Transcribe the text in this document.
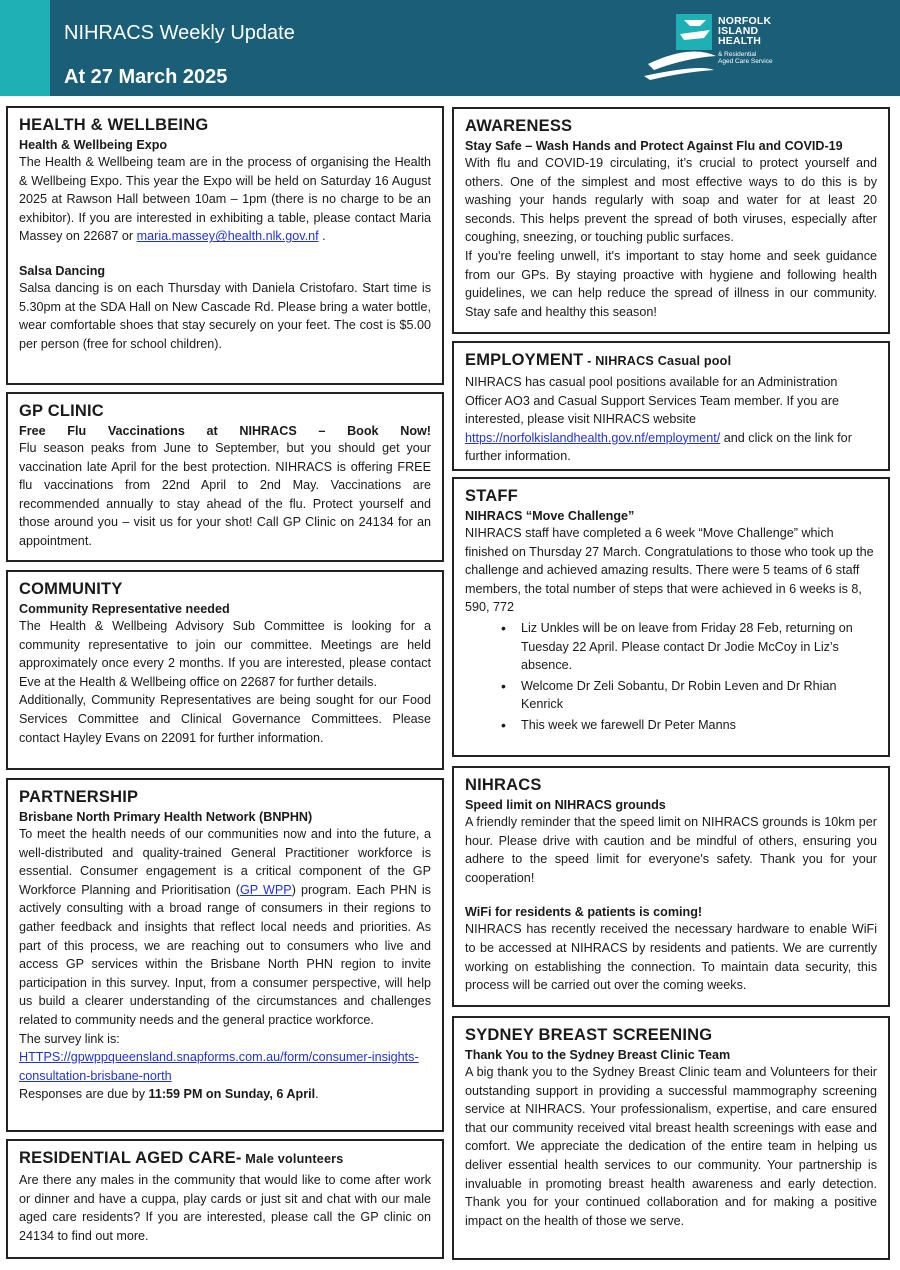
NIHRACS Weekly Update
At 27 March 2025
NORFOLK
ISLAND
HEALTH
& Residential
Aged Care Service
HEALTH & WELLBEING
Health & Wellbeing Expo

The Health & Wellbeing team are in the process of organising the Health & Wellbeing Expo. This year the Expo will be held on Saturday 16 August 2025 at Rawson Hall between 10am – 1pm (there is no charge to be an exhibitor). If you are interested in exhibiting a table, please contact Maria Massey on 22687 or maria.massey@health.nlk.gov.nf .

Salsa Dancing

Salsa dancing is on each Thursday with Daniela Cristofaro. Start time is 5.30pm at the SDA Hall on New Cascade Rd. Please bring a water bottle, wear comfortable shoes that stay securely on your feet. The cost is $5.00 per person (free for school children).

GP CLINIC
Free Flu Vaccinations at NIHRACS – Book Now!

Flu season peaks from June to September, but you should get your vaccination late April for the best protection. NIHRACS is offering FREE flu vaccinations from 22nd April to 2nd May. Vaccinations are recommended annually to stay ahead of the flu. Protect yourself and those around you – visit us for your shot! Call GP Clinic on 24134 for an appointment.

COMMUNITY
Community Representative needed

The Health & Wellbeing Advisory Sub Committee is looking for a community representative to join our committee. Meetings are held approximately once every 2 months. If you are interested, please contact Eve at the Health & Wellbeing office on 22687 for further details.

Additionally, Community Representatives are being sought for our Food Services Committee and Clinical Governance Committees. Please contact Hayley Evans on 22091 for further information.

PARTNERSHIP
Brisbane North Primary Health Network (BNPHN)

To meet the health needs of our communities now and into the future, a well-distributed and quality-trained General Practitioner workforce is essential. Consumer engagement is a critical component of the GP Workforce Planning and Prioritisation (GP WPP) program. Each PHN is actively consulting with a broad range of consumers in their regions to gather feedback and insights that reflect local needs and priorities. As part of this process, we are reaching out to consumers who live and access GP services within the Brisbane North PHN region to invite participation in this survey. Input, from a consumer perspective, will help us build a clearer understanding of the circumstances and challenges related to community needs and the general practice workforce.

The survey link is:

HTTPS://gpwppqueensland.snapforms.com.au/form/consumer-insights-consultation-brisbane-north

Responses are due by 11:59 PM on Sunday, 6 April.

RESIDENTIAL AGED CARE- Male volunteers

Are there any males in the community that would like to come after work or dinner and have a cuppa, play cards or just sit and chat with our male aged care residents? If you are interested, please call the GP clinic on 24134 to find out more.

AWARENESS
Stay Safe – Wash Hands and Protect Against Flu and COVID-19

With flu and COVID-19 circulating, it’s crucial to protect yourself and others. One of the simplest and most effective ways to do this is by washing your hands regularly with soap and water for at least 20 seconds. This helps prevent the spread of both viruses, especially after coughing, sneezing, or touching public surfaces.

If you're feeling unwell, it's important to stay home and seek guidance from our GPs. By staying proactive with hygiene and following health guidelines, we can help reduce the spread of illness in our community. Stay safe and healthy this season!

EMPLOYMENT - NIHRACS Casual pool

NIHRACS has casual pool positions available for an Administration Officer AO3 and Casual Support Services Team member. If you are interested, please visit NIHRACS website https://norfolkislandhealth.gov.nf/employment/ and click on the link for further information.

STAFF
NIHRACS “Move Challenge”

NIHRACS staff have completed a 6 week “Move Challenge” which finished on Thursday 27 March. Congratulations to those who took up the challenge and achieved amazing results. There were 5 teams of 6 staff members, the total number of steps that were achieved in 6 weeks is 8, 590, 772

• Liz Unkles will be on leave from Friday 28 Feb, returning on Tuesday 22 April. Please contact Dr Jodie McCoy in Liz’s absence.
• Welcome Dr Zeli Sobantu, Dr Robin Leven and Dr Rhian Kenrick
• This week we farewell Dr Peter Manns
NIHRACS
Speed limit on NIHRACS grounds

A friendly reminder that the speed limit on NIHRACS grounds is 10km per hour. Please drive with caution and be mindful of others, ensuring you adhere to the speed limit for everyone's safety. Thank you for your cooperation!

WiFi for residents & patients is coming!

NIHRACS has recently received the necessary hardware to enable WiFi to be accessed at NIHRACS by residents and patients. We are currently working on establishing the connection. To maintain data security, this process will be carried out over the coming weeks.

SYDNEY BREAST SCREENING
Thank You to the Sydney Breast Clinic Team

A big thank you to the Sydney Breast Clinic team and Volunteers for their outstanding support in providing a successful mammography screening service at NIHRACS. Your professionalism, expertise, and care ensured that our community received vital breast health screenings with ease and comfort. We appreciate the dedication of the entire team in helping us deliver essential health services to our community. Your partnership is invaluable in promoting breast health awareness and early detection. Thank you for your continued collaboration and for making a positive impact on the health of those we serve.
